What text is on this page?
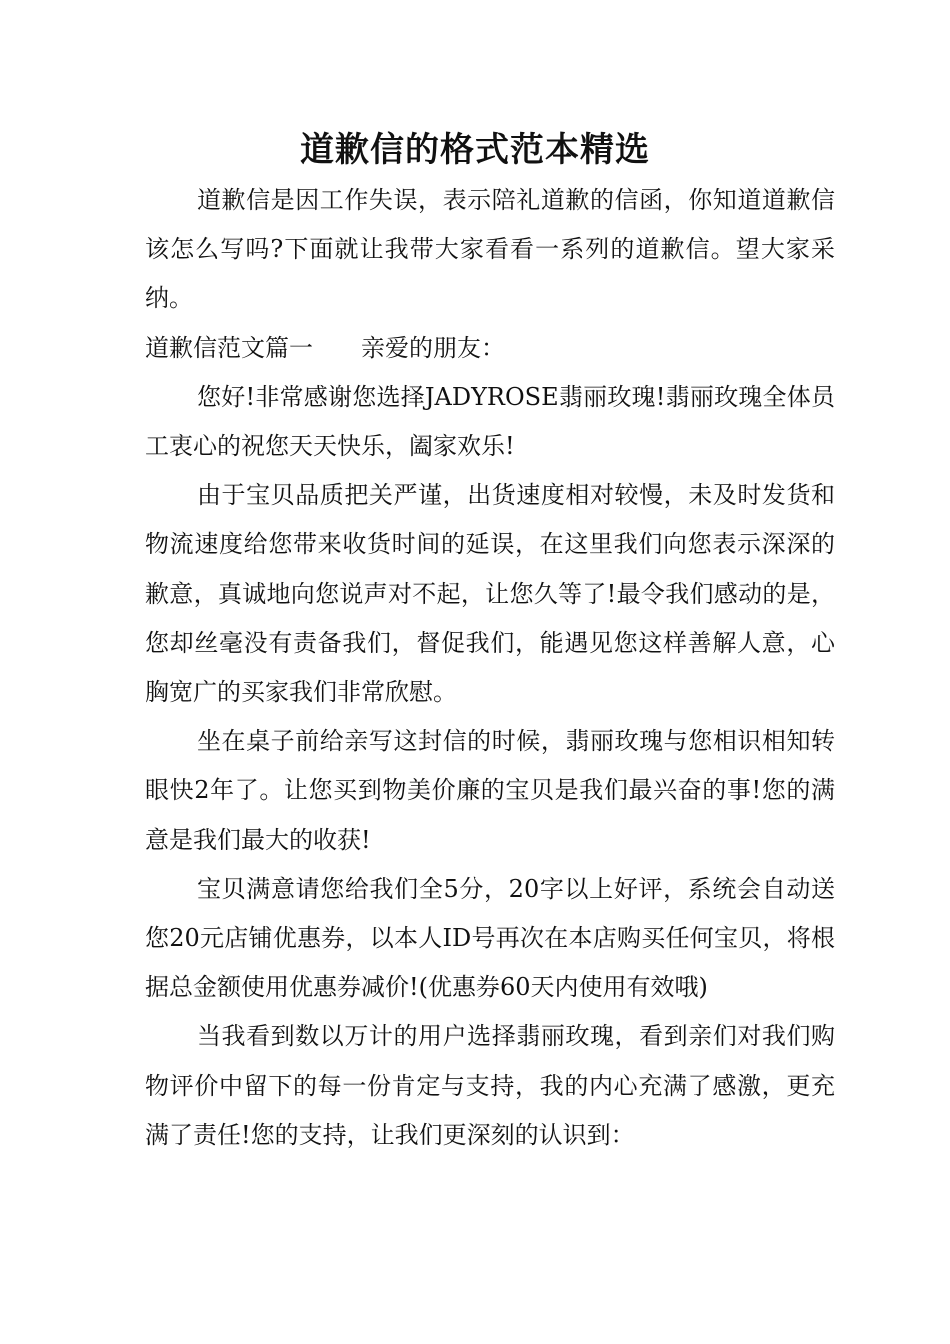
道歉信的格式范本精选

道歉信是因工作失误，表示陪礼道歉的信函，你知道道歉信该怎么写吗?下面就让我带大家看看一系列的道歉信。望大家采纳。

道歉信范文篇一 亲爱的朋友：

您好!非常感谢您选择JADYROSE翡丽玫瑰!翡丽玫瑰全体员工衷心的祝您天天快乐，阖家欢乐!

由于宝贝品质把关严谨，出货速度相对较慢，未及时发货和物流速度给您带来收货时间的延误，在这里我们向您表示深深的歉意，真诚地向您说声对不起，让您久等了!最令我们感动的是，您却丝毫没有责备我们，督促我们，能遇见您这样善解人意，心胸宽广的买家我们非常欣慰。

坐在桌子前给亲写这封信的时候，翡丽玫瑰与您相识相知转眼快2年了。让您买到物美价廉的宝贝是我们最兴奋的事!您的满意是我们最大的收获!

宝贝满意请您给我们全5分，20字以上好评，系统会自动送您20元店铺优惠券，以本人ID号再次在本店购买任何宝贝，将根据总金额使用优惠券减价!(优惠券60天内使用有效哦)

当我看到数以万计的用户选择翡丽玫瑰，看到亲们对我们购物评价中留下的每一份肯定与支持，我的内心充满了感激，更充满了责任!您的支持，让我们更深刻的认识到：
